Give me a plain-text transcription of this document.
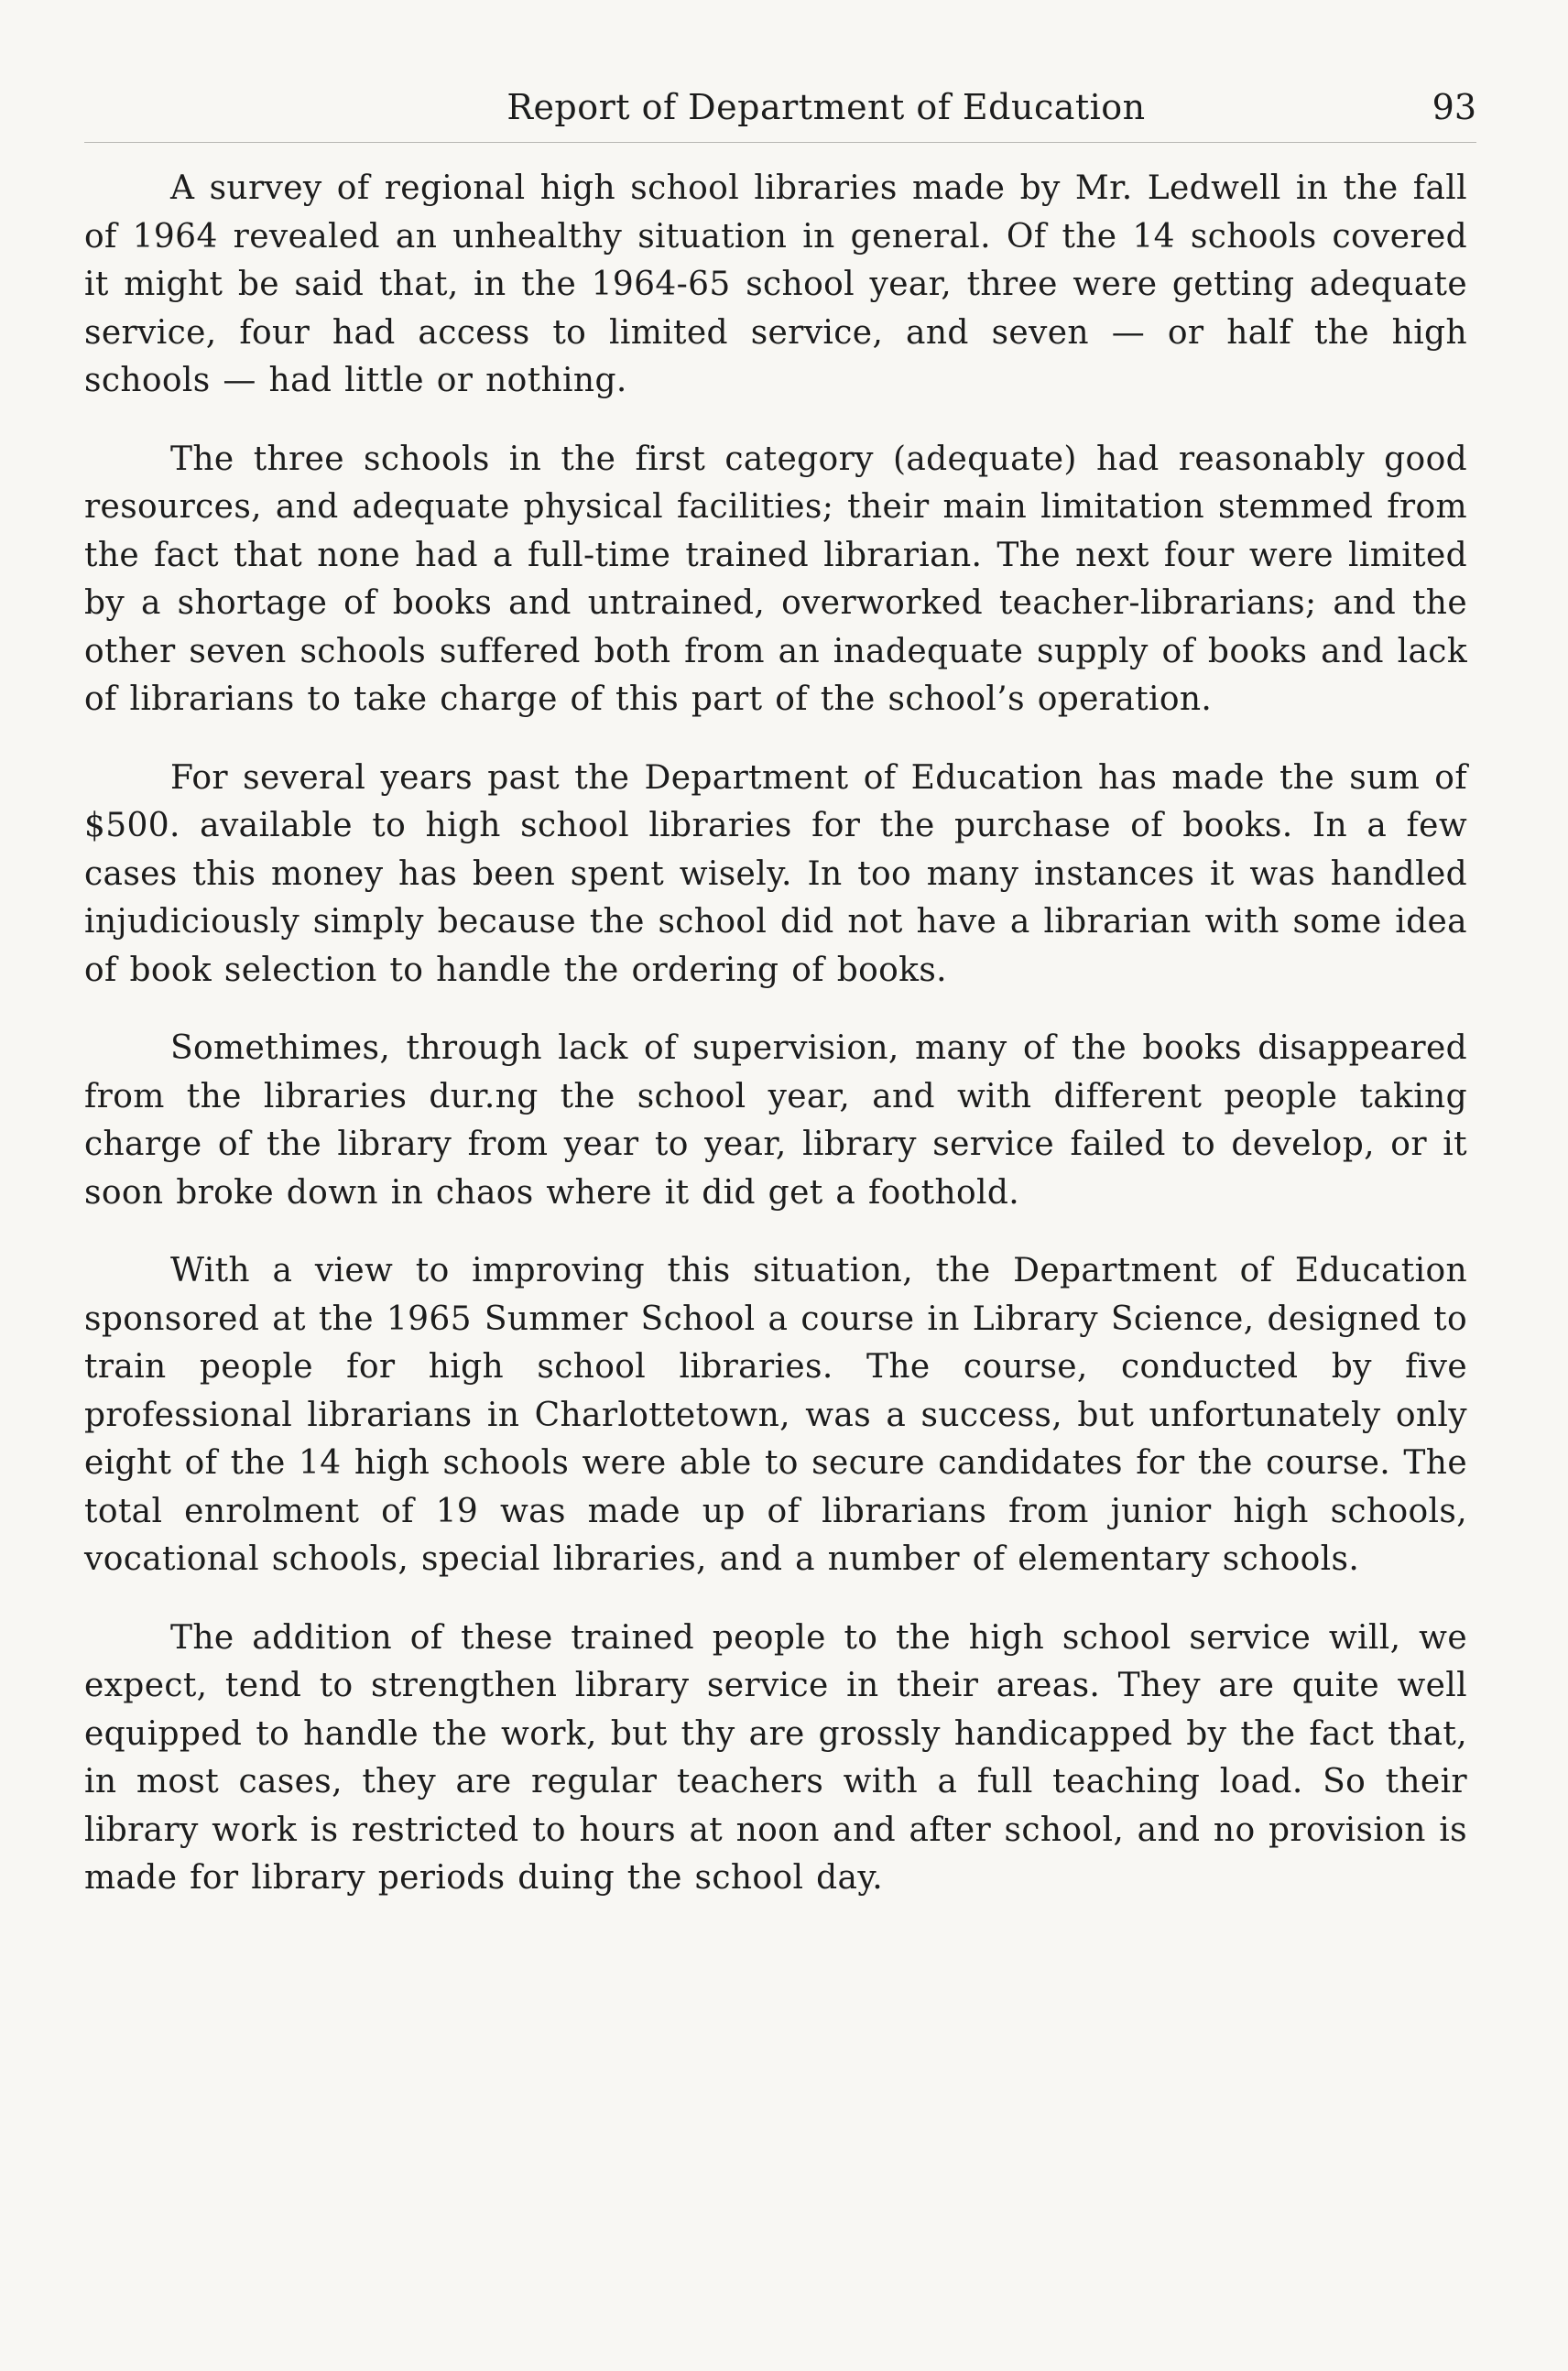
Report of Department of Education	93

A survey of regional high school libraries made by Mr. Ledwell in the fall of 1964 revealed an unhealthy situation in general. Of the 14 schools covered it might be said that, in the 1964-65 school year, three were getting adequate service, four had access to limited service, and seven — or half the high schools — had little or nothing.

The three schools in the first category (adequate) had reasonably good resources, and adequate physical facilities; their main limitation stemmed from the fact that none had a full-time trained librarian. The next four were limited by a shortage of books and untrained, overworked teacher-librarians; and the other seven schools suffered both from an inadequate supply of books and lack of librarians to take charge of this part of the school’s operation.

For several years past the Department of Education has made the sum of $500. available to high school libraries for the purchase of books. In a few cases this money has been spent wisely. In too many instances it was handled injudiciously simply because the school did not have a librarian with some idea of book selection to handle the ordering of books.

Somethimes, through lack of supervision, many of the books disappeared from the libraries dur.ng the school year, and with different people taking charge of the library from year to year, library service failed to develop, or it soon broke down in chaos where it did get a foothold.

With a view to improving this situation, the Department of Education sponsored at the 1965 Summer School a course in Library Science, designed to train people for high school libraries. The course, conducted by five professional librarians in Charlottetown, was a success, but unfortunately only eight of the 14 high schools were able to secure candidates for the course. The total enrolment of 19 was made up of librarians from junior high schools, vocational schools, special libraries, and a number of elementary schools.

The addition of these trained people to the high school service will, we expect, tend to strengthen library service in their areas. They are quite well equipped to handle the work, but thy are grossly handicapped by the fact that, in most cases, they are regular teachers with a full teaching load. So their library work is restricted to hours at noon and after school, and no provision is made for library periods duing the school day.
